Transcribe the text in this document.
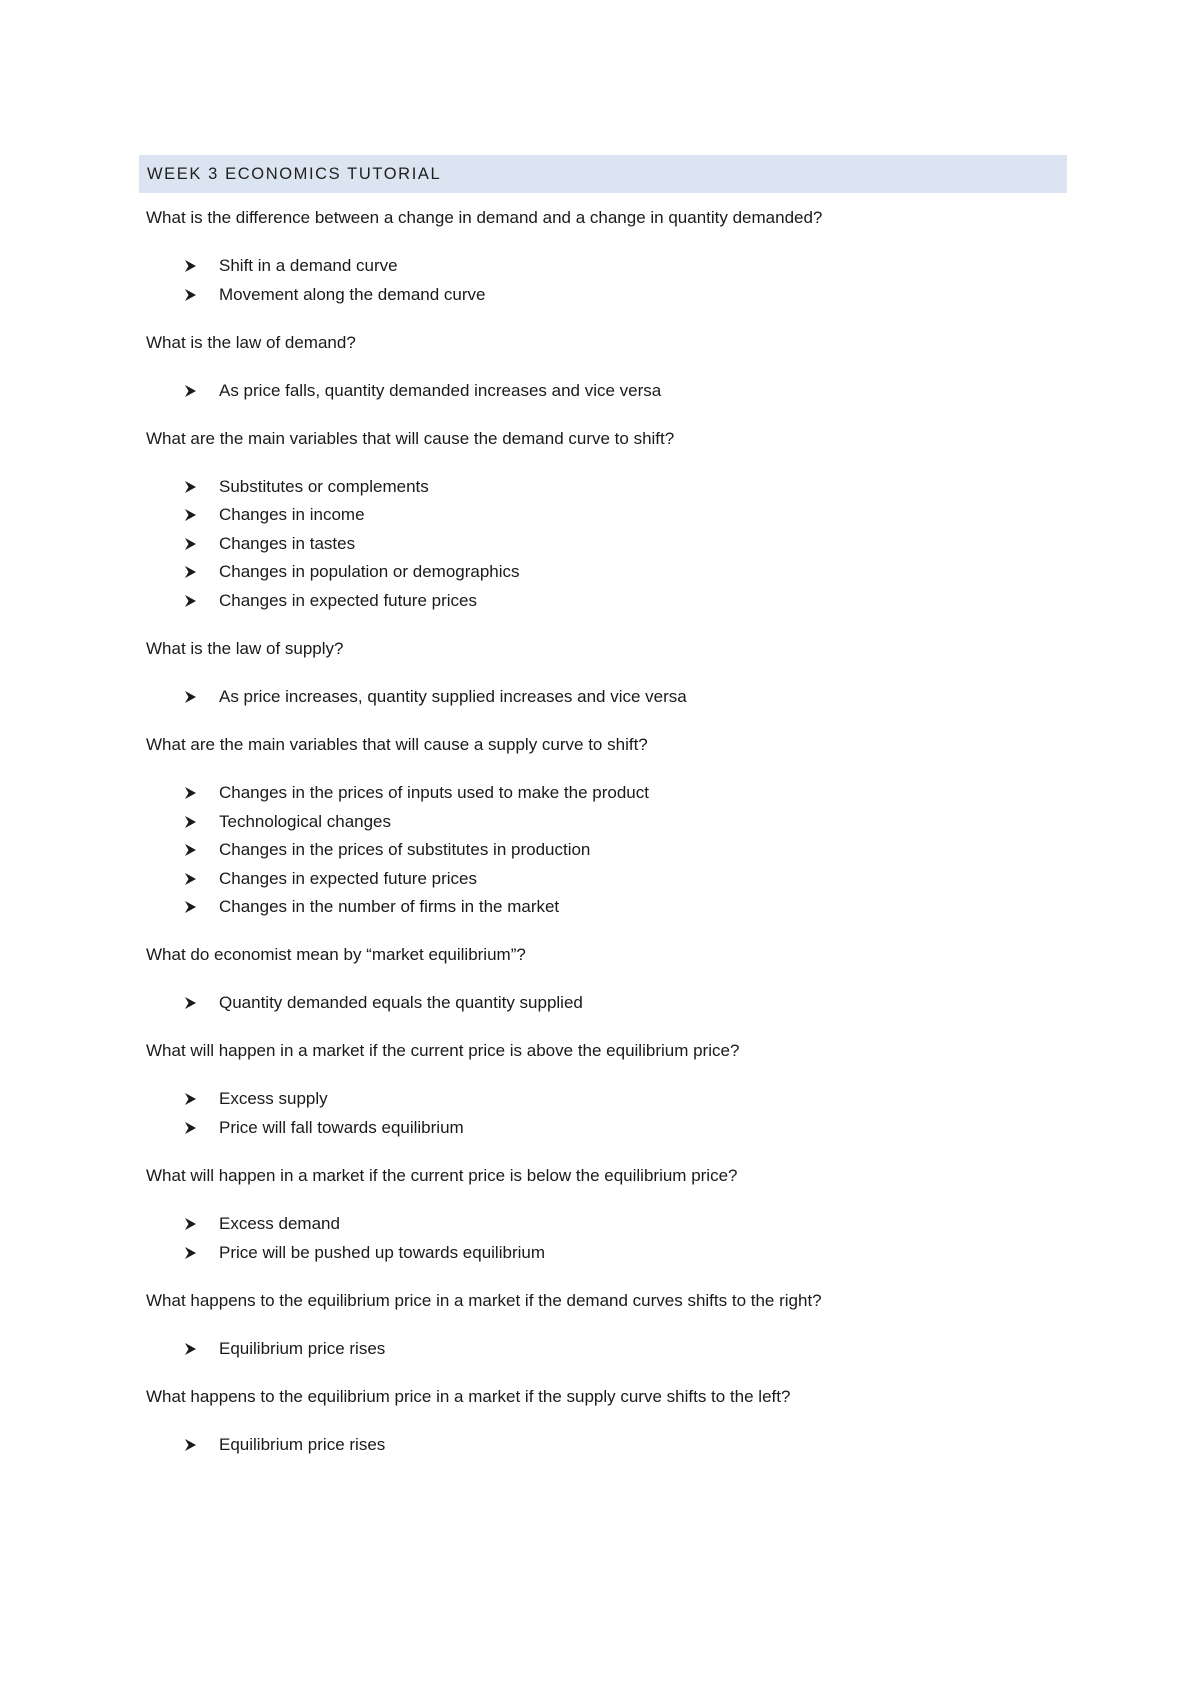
WEEK 3 ECONOMICS TUTORIAL

What is the difference between a change in demand and a change in quantity demanded?

Shift in a demand curve
Movement along the demand curve

What is the law of demand?

As price falls, quantity demanded increases and vice versa

What are the main variables that will cause the demand curve to shift?

Substitutes or complements
Changes in income
Changes in tastes
Changes in population or demographics
Changes in expected future prices

What is the law of supply?

As price increases, quantity supplied increases and vice versa

What are the main variables that will cause a supply curve to shift?

Changes in the prices of inputs used to make the product
Technological changes
Changes in the prices of substitutes in production
Changes in expected future prices
Changes in the number of firms in the market

What do economist mean by “market equilibrium”?

Quantity demanded equals the quantity supplied

What will happen in a market if the current price is above the equilibrium price?

Excess supply
Price will fall towards equilibrium

What will happen in a market if the current price is below the equilibrium price?

Excess demand
Price will be pushed up towards equilibrium

What happens to the equilibrium price in a market if the demand curves shifts to the right?

Equilibrium price rises

What happens to the equilibrium price in a market if the supply curve shifts to the left?

Equilibrium price rises
